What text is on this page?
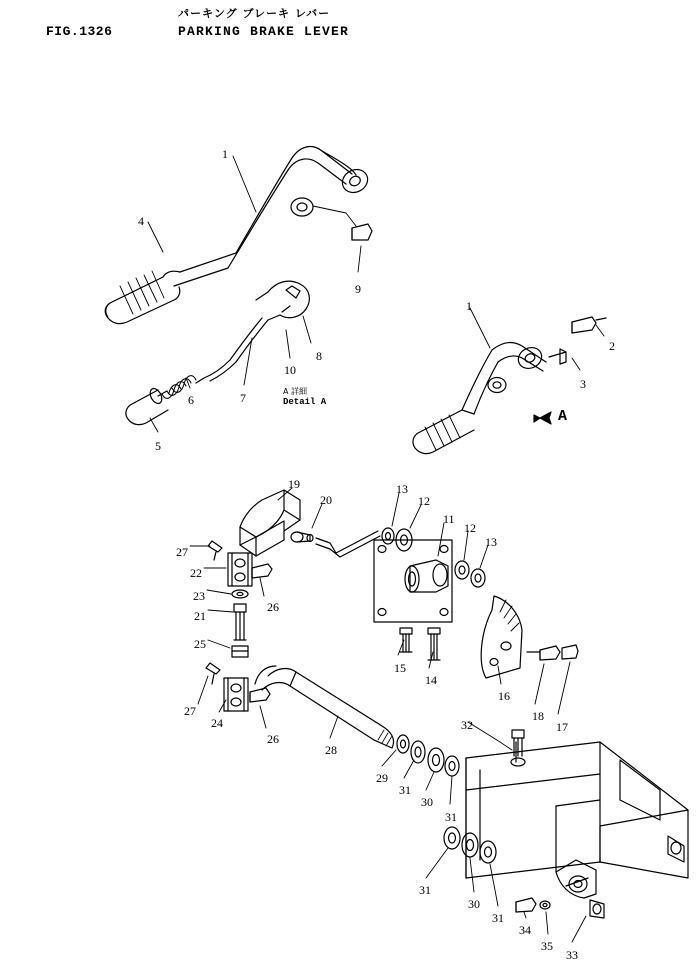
FIG.1326
パーキング ブレーキ レバー
PARKING BRAKE LEVER
A 詳細
Detail A
A
1
4
9
8
10
7
6
5
1
2
3
19
20
13
12
11
12
13
27
22
23
21
25
26
15
14
16
18
17
27
24
26
28
29
31
30
31
32
31
30
31
34
35
33
